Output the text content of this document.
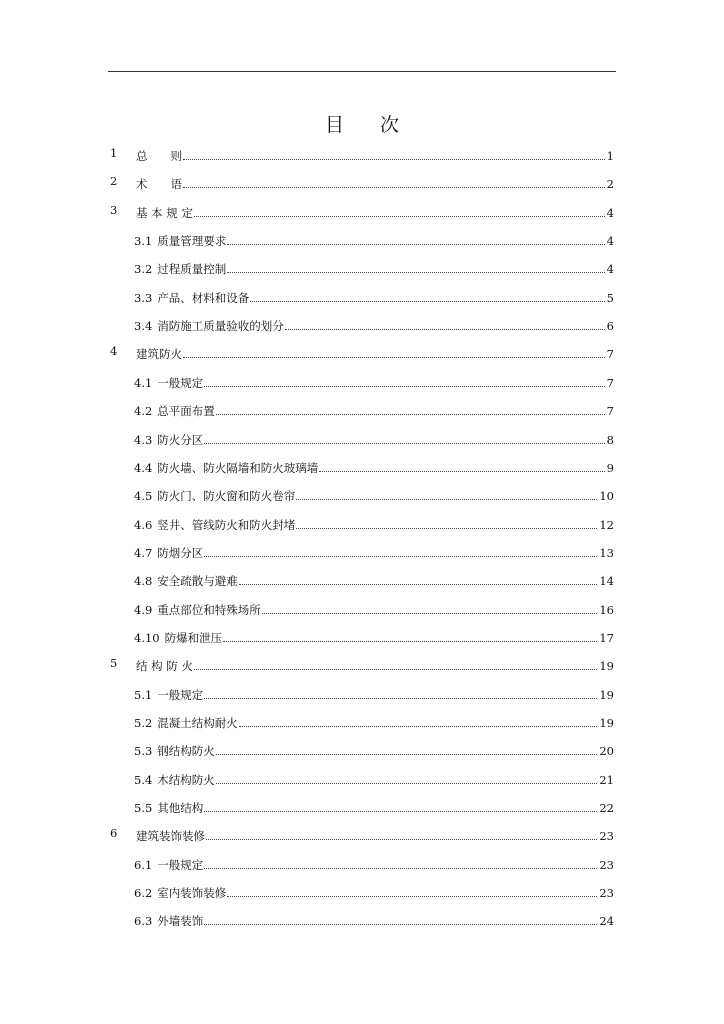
目 次
1 总　　则	1
2 术　　语	2
3 基 本 规 定	4
3.1 质量管理要求	4
3.2 过程质量控制	4
3.3 产品、材料和设备	5
3.4 消防施工质量验收的划分	6
4 建筑防火	7
4.1 一般规定	7
4.2 总平面布置	7
4.3 防火分区	8
4.4 防火墙、防火隔墙和防火玻璃墙	9
4.5 防火门、防火窗和防火卷帘	10
4.6 竖井、管线防火和防火封堵	12
4.7 防烟分区	13
4.8 安全疏散与避难	14
4.9 重点部位和特殊场所	16
4.10 防爆和泄压	17
5 结 构 防 火	19
5.1 一般规定	19
5.2 混凝土结构耐火	19
5.3 钢结构防火	20
5.4 木结构防火	21
5.5 其他结构	22
6 建筑装饰装修	23
6.1 一般规定	23
6.2 室内装饰装修	23
6.3 外墙装饰	24
